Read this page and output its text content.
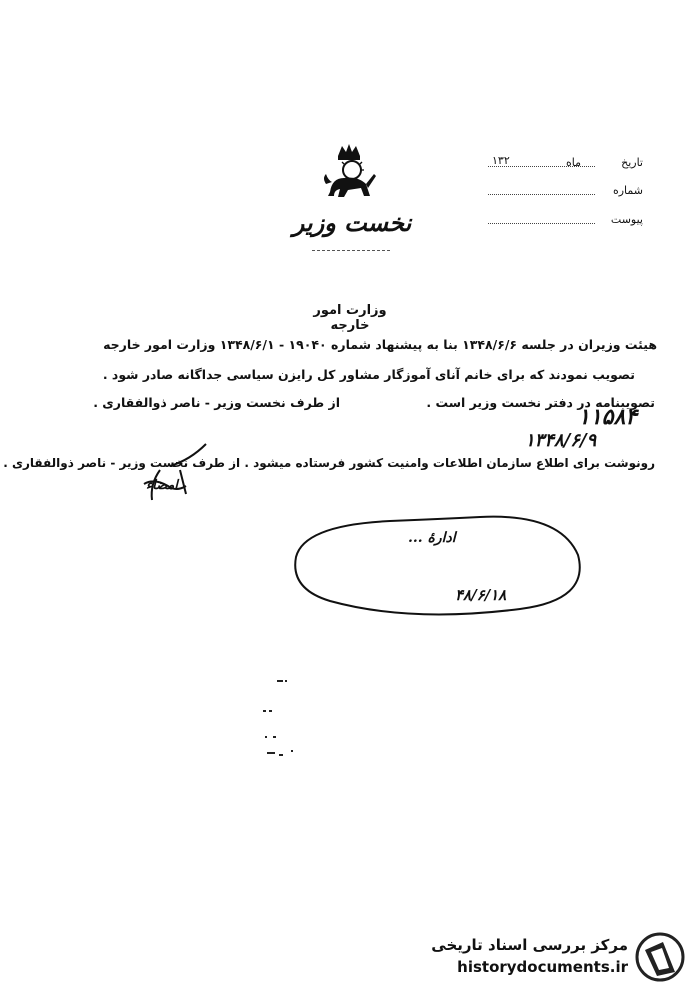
نخست وزیر
تاریخ
ماه
۱۳۲
شماره
پیوست
وزارت امور خارجه
هیئت وزیران در جلسه ۱۳۴۸/۶/۶ بنا به پیشنهاد شماره ۱۹۰۴۰ - ۱۳۴۸/۶/۱ وزارت امور خارجه
تصویب نمودند که برای خانم آنای آموزگار مشاور کل رایزن سیاسی جداگانه صادر شود .
تصویبنامه در دفتر نخست وزیر است .
از طرف نخست وزیر - ناصر ذوالفقاری .
۱۱۵۸۴
۱۳۴۸/۶/۹
رونوشت برای اطلاع سازمان اطلاعات وامنیت کشور فرستاده میشود . از طرف نخست وزیر - ناصر ذوالفقاری .
امضاء
ادارۀ ...
۴۸/۶/۱۸
مرکز بررسی اسناد تاریخی
historydocuments.ir
